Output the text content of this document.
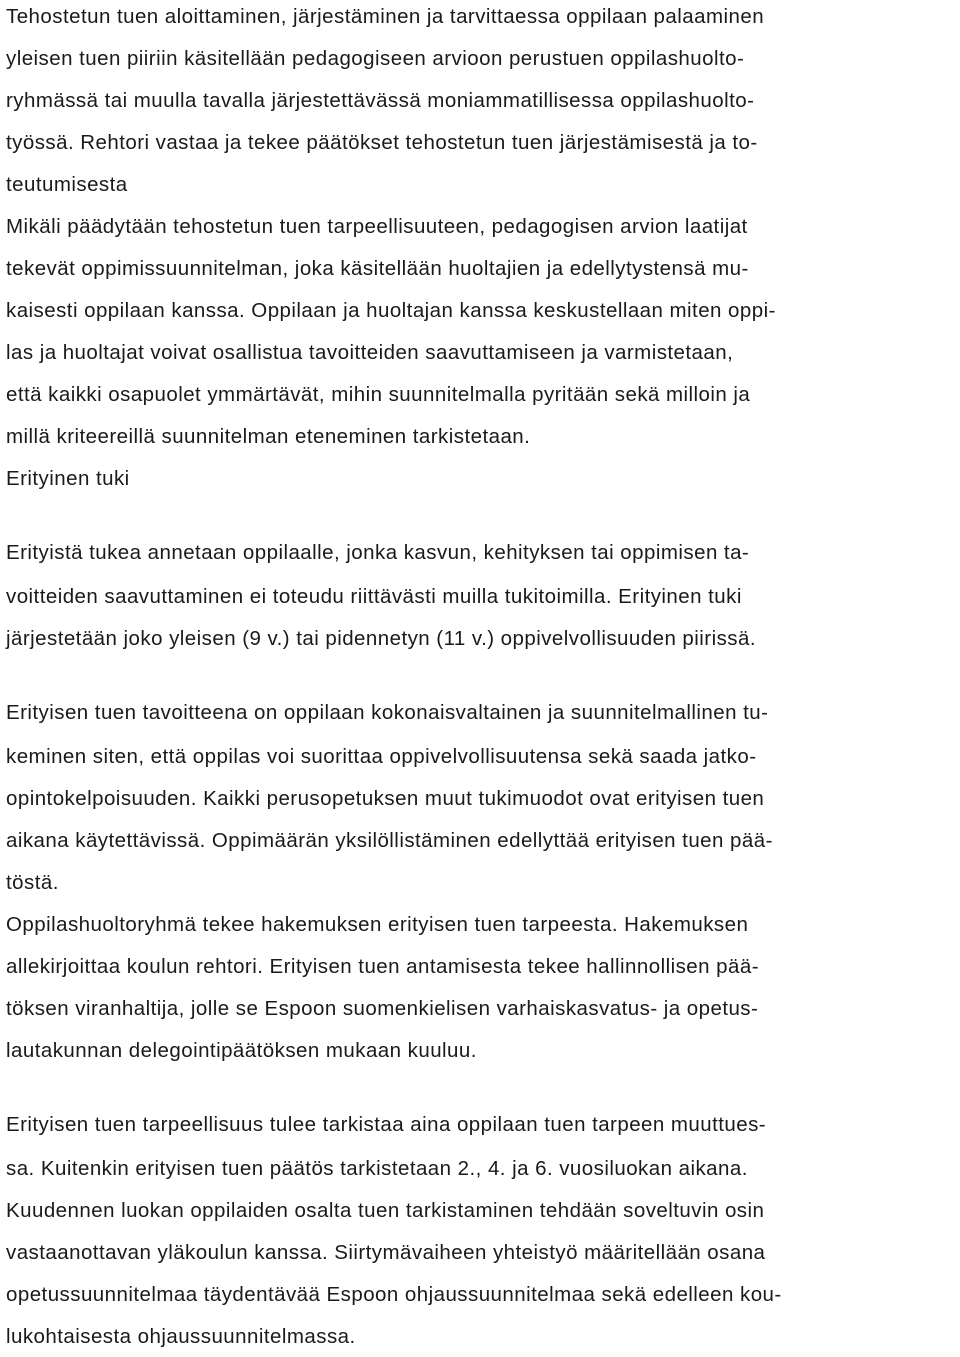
Tehostetun tuen aloittaminen, järjestäminen ja tarvittaessa oppilaan palaaminen
yleisen tuen piiriin käsitellään pedagogiseen arvioon perustuen oppilashuolto-
ryhmässä tai muulla tavalla järjestettävässä moniammatillisessa oppilashuolto-
työssä. Rehtori vastaa ja tekee päätökset tehostetun tuen järjestämisestä ja to-
teutumisesta
Mikäli päädytään tehostetun tuen tarpeellisuuteen, pedagogisen arvion laatijat
tekevät oppimissuunnitelman, joka käsitellään huoltajien ja edellytystensä mu-
kaisesti oppilaan kanssa. Oppilaan ja huoltajan kanssa keskustellaan miten oppi-
las ja huoltajat voivat osallistua tavoitteiden saavuttamiseen ja varmistetaan,
että kaikki osapuolet ymmärtävät, mihin suunnitelmalla pyritään sekä milloin ja
millä kriteereillä suunnitelman eteneminen tarkistetaan.
Erityinen tuki
Erityistä tukea annetaan oppilaalle, jonka kasvun, kehityksen tai oppimisen ta-
voitteiden saavuttaminen ei toteudu riittävästi muilla tukitoimilla. Erityinen tuki
järjestetään joko yleisen (9 v.) tai pidennetyn (11 v.) oppivelvollisuuden piirissä.
Erityisen tuen tavoitteena on oppilaan kokonaisvaltainen ja suunnitelmallinen tu-
keminen siten, että oppilas voi suorittaa oppivelvollisuutensa sekä saada jatko-
opintokelpoisuuden. Kaikki perusopetuksen muut tukimuodot ovat erityisen tuen
aikana käytettävissä. Oppimäärän yksilöllistäminen edellyttää erityisen tuen pää-
töstä.
Oppilashuoltoryhmä tekee hakemuksen erityisen tuen tarpeesta. Hakemuksen
allekirjoittaa koulun rehtori. Erityisen tuen antamisesta tekee hallinnollisen pää-
töksen viranhaltija, jolle se Espoon suomenkielisen varhaiskasvatus- ja opetus-
lautakunnan delegointipäätöksen mukaan kuuluu.
Erityisen tuen tarpeellisuus tulee tarkistaa aina oppilaan tuen tarpeen muuttues-
sa. Kuitenkin erityisen tuen päätös tarkistetaan 2., 4. ja 6. vuosiluokan aikana.
Kuudennen luokan oppilaiden osalta tuen tarkistaminen tehdään soveltuvin osin
vastaanottavan yläkoulun kanssa. Siirtymävaiheen yhteistyö määritellään osana
opetussuunnitelmaa täydentävää Espoon ohjaussuunnitelmaa sekä edelleen kou-
lukohtaisesta ohjaussuunnitelmassa.
